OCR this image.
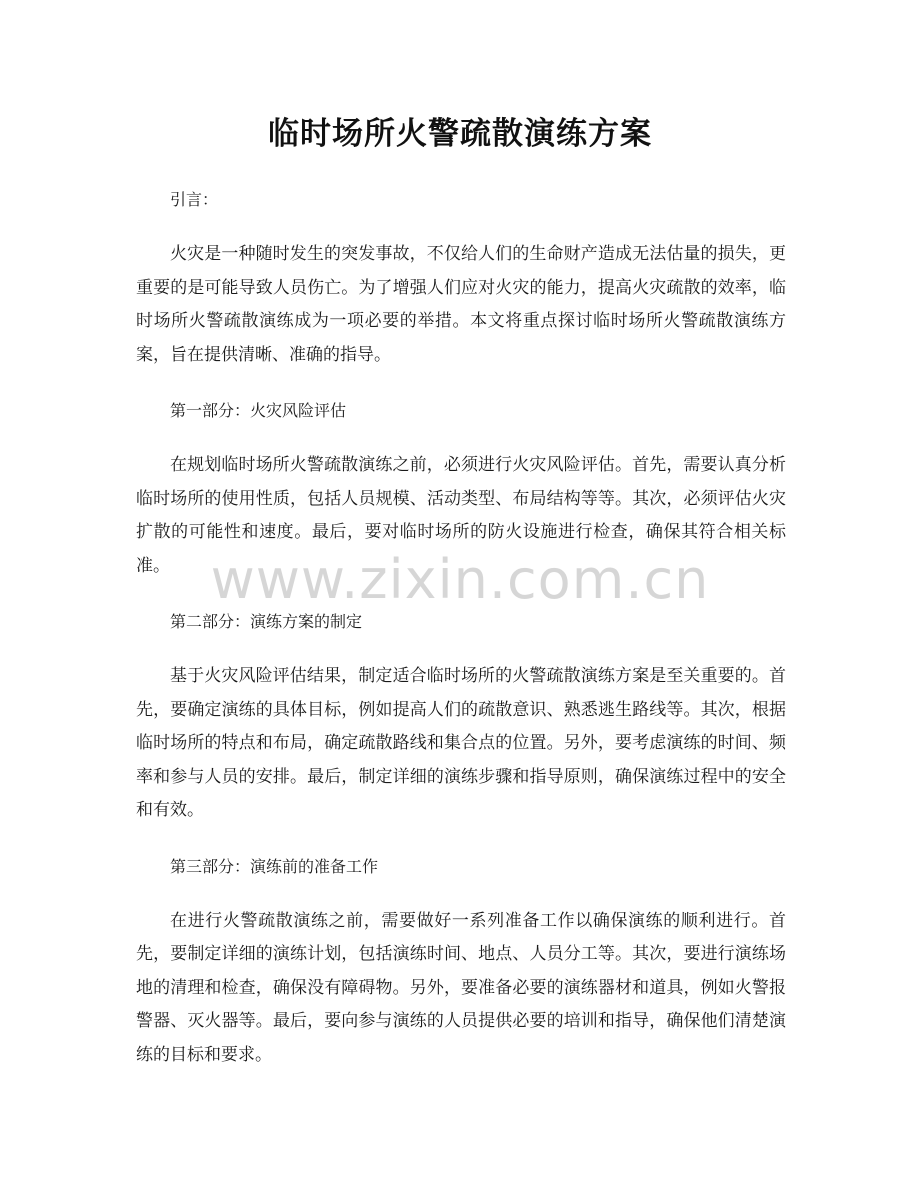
临时场所火警疏散演练方案

引言：

火灾是一种随时发生的突发事故，不仅给人们的生命财产造成无法估量的损失，更重要的是可能导致人员伤亡。为了增强人们应对火灾的能力，提高火灾疏散的效率，临时场所火警疏散演练成为一项必要的举措。本文将重点探讨临时场所火警疏散演练方案，旨在提供清晰、准确的指导。

第一部分：火灾风险评估

在规划临时场所火警疏散演练之前，必须进行火灾风险评估。首先，需要认真分析临时场所的使用性质，包括人员规模、活动类型、布局结构等等。其次，必须评估火灾扩散的可能性和速度。最后，要对临时场所的防火设施进行检查，确保其符合相关标准。

第二部分：演练方案的制定

基于火灾风险评估结果，制定适合临时场所的火警疏散演练方案是至关重要的。首先，要确定演练的具体目标，例如提高人们的疏散意识、熟悉逃生路线等。其次，根据临时场所的特点和布局，确定疏散路线和集合点的位置。另外，要考虑演练的时间、频率和参与人员的安排。最后，制定详细的演练步骤和指导原则，确保演练过程中的安全和有效。

第三部分：演练前的准备工作

在进行火警疏散演练之前，需要做好一系列准备工作以确保演练的顺利进行。首先，要制定详细的演练计划，包括演练时间、地点、人员分工等。其次，要进行演练场地的清理和检查，确保没有障碍物。另外，要准备必要的演练器材和道具，例如火警报警器、灭火器等。最后，要向参与演练的人员提供必要的培训和指导，确保他们清楚演练的目标和要求。

www.zixin.com.cn
